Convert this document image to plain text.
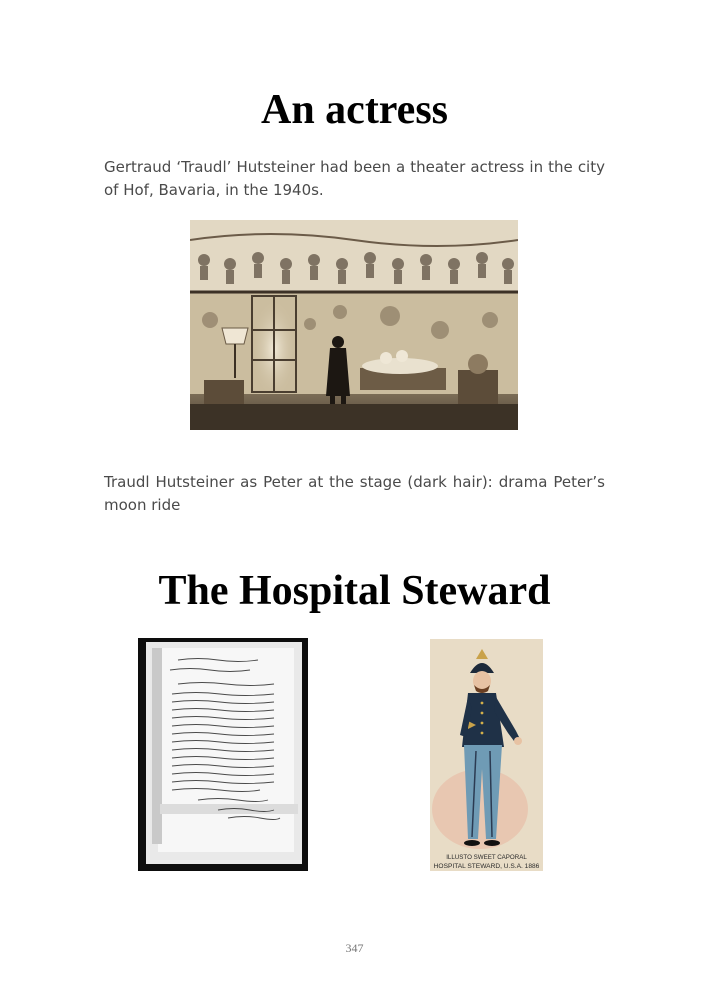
An actress

Gertraud ‘Traudl’ Hutsteiner had been a theater actress in the city of Hof, Bavaria, in the 1940s.

Traudl Hutsteiner as Peter at the stage (dark hair): drama Peter’s moon ride

The Hospital Steward
ILLUSTO SWEET CAPORAL
HOSPITAL STEWARD, U.S.A. 1886
347
